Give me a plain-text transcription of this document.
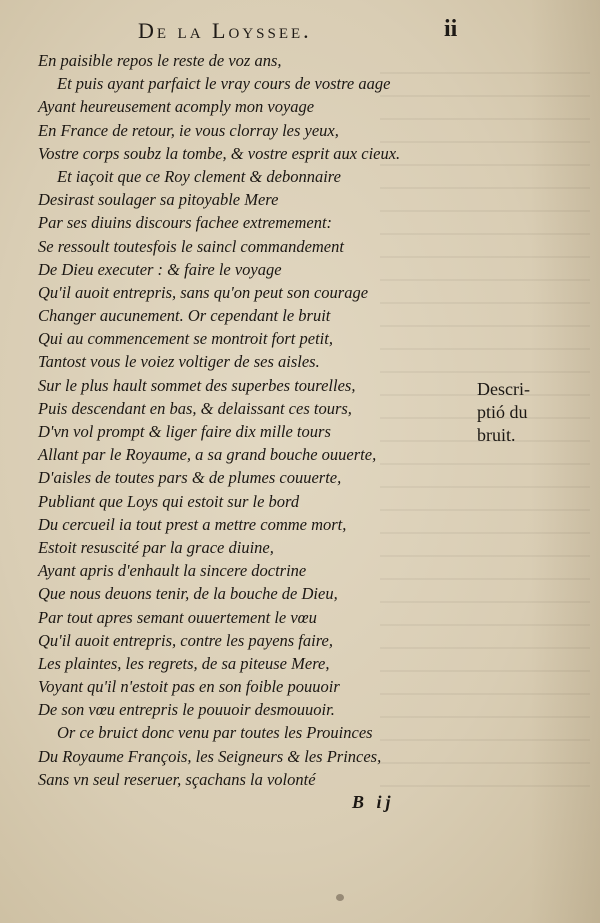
De la Loyssee.	ii
En paisible repos le reste de voz ans,
Et puis ayant parfaict le vray cours de vostre aage
Ayant heureusement acomply mon voyage
En France de retour, ie vous clorray les yeux,
Vostre corps soubz la tombe, & vostre esprit aux cieux.
Et iaçoit que ce Roy clement & debonnaire
Desirast soulager sa pitoyable Mere
Par ses diuins discours fachee extremement:
Se ressoult toutesfois le saincl commandement
De Dieu executer : & faire le voyage
Qu'il auoit entrepris, sans qu'on peut son courage
Changer aucunement. Or cependant le bruit
Qui au commencement se montroit fort petit,
Tantost vous le voiez voltiger de ses aisles.
Sur le plus hault sommet des superbes tourelles,
Puis descendant en bas, & delaissant ces tours,
D'vn vol prompt & liger faire dix mille tours
Allant par le Royaume, a sa grand bouche ouuerte,
D'aisles de toutes pars & de plumes couuerte,
Publiant que Loys qui estoit sur le bord
Du cercueil ia tout prest a mettre comme mort,
Estoit resuscité par la grace diuine,
Ayant apris d'enhault la sincere doctrine
Que nous deuons tenir, de la bouche de Dieu,
Par tout apres semant ouuertement le vœu
Qu'il auoit entrepris, contre les payens faire,
Les plaintes, les regrets, de sa piteuse Mere,
Voyant qu'il n'estoit pas en son foible pouuoir
De son vœu entrepris le pouuoir desmouuoir.
Or ce bruict donc venu par toutes les Prouinces
Du Royaume François, les Seigneurs & les Princes,
Sans vn seul reseruer, sçachans la volonté
Descri-
ptió du
bruit.
B ij
